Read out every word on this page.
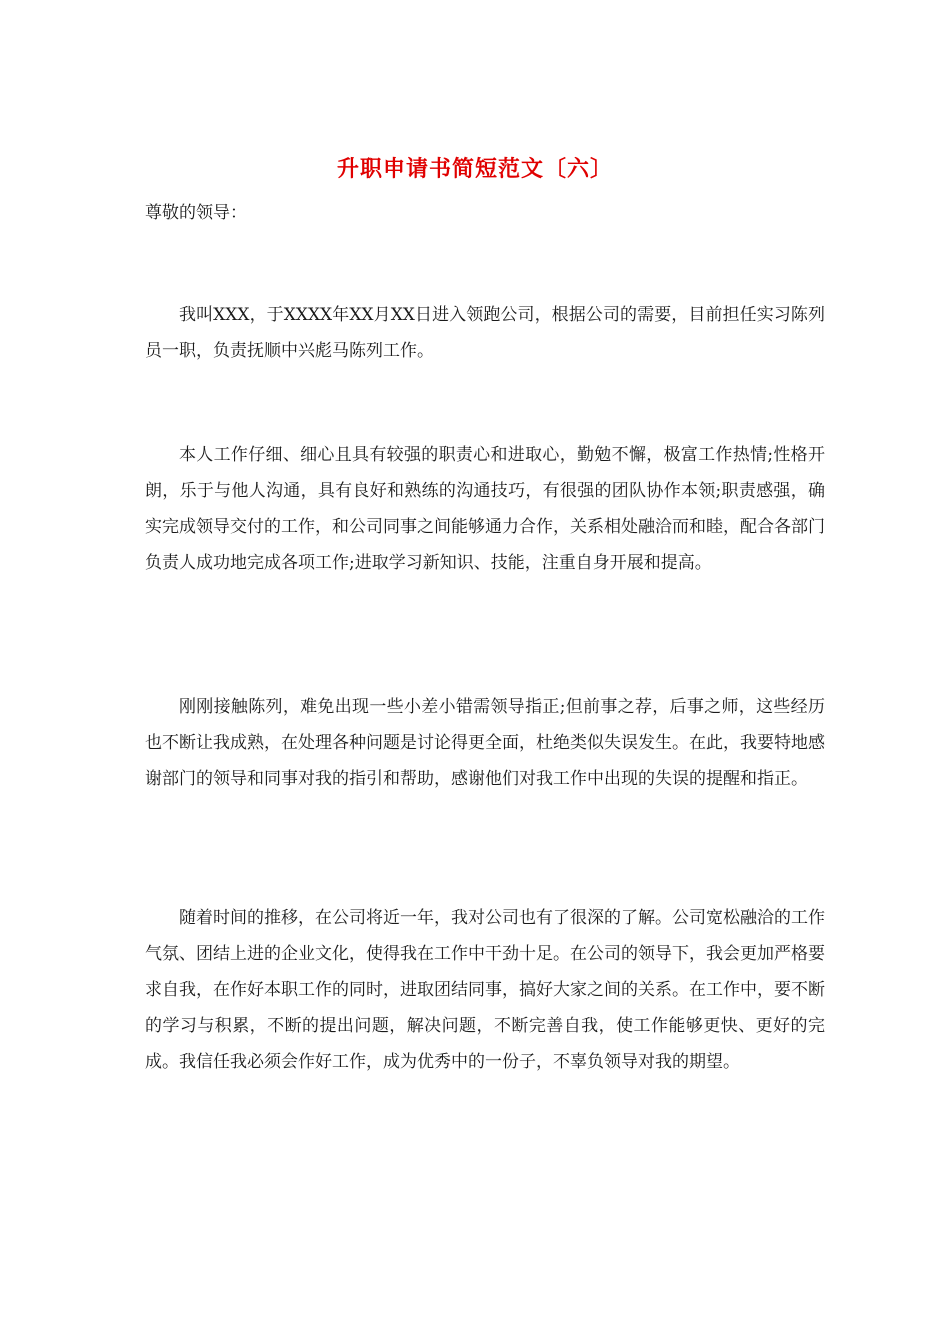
升职申请书简短范文〔六〕
尊敬的领导：

我叫XXX，于XXXX年XX月XX日进入领跑公司，根据公司的需要，目前担任实习陈列员一职，负责抚顺中兴彪马陈列工作。

本人工作仔细、细心且具有较强的职责心和进取心，勤勉不懈，极富工作热情;性格开朗，乐于与他人沟通，具有良好和熟练的沟通技巧，有很强的团队协作本领;职责感强，确实完成领导交付的工作，和公司同事之间能够通力合作，关系相处融洽而和睦，配合各部门负责人成功地完成各项工作;进取学习新知识、技能，注重自身开展和提高。

刚刚接触陈列，难免出现一些小差小错需领导指正;但前事之荐，后事之师，这些经历也不断让我成熟，在处理各种问题是讨论得更全面，杜绝类似失误发生。在此，我要特地感谢部门的领导和同事对我的指引和帮助，感谢他们对我工作中出现的失误的提醒和指正。

随着时间的推移，在公司将近一年，我对公司也有了很深的了解。公司宽松融洽的工作气氛、团结上进的企业文化，使得我在工作中干劲十足。在公司的领导下，我会更加严格要求自我，在作好本职工作的同时，进取团结同事，搞好大家之间的关系。在工作中，要不断的学习与积累，不断的提出问题，解决问题，不断完善自我，使工作能够更快、更好的完成。我信任我必须会作好工作，成为优秀中的一份子，不辜负领导对我的期望。
